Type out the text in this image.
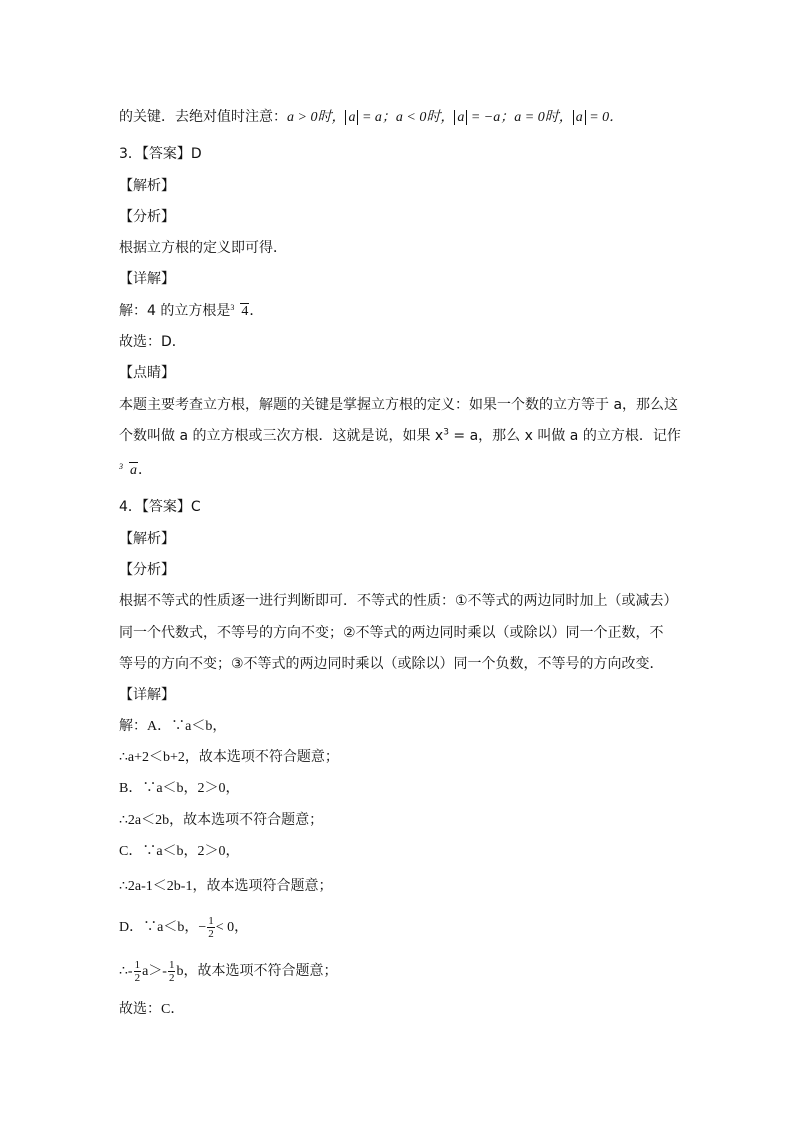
的关键．去绝对值时注意：a > 0时， a = a；a < 0时， a = −a；a = 0时， a = 0．
3．【答案】D
【解析】
【分析】
根据立方根的定义即可得．
【详解】
解：4 的立方根是 3 4．
故选：D．
【点睛】
本题主要考查立方根，解题的关键是掌握立方根的定义：如果一个数的立方等于 a，那么这
个数叫做 a 的立方根或三次方根．这就是说，如果 $x^3 = a$，那么 x 叫做 a 的立方根．记作
3 a．
4．【答案】C
【解析】
【分析】
根据不等式的性质逐一进行判断即可．不等式的性质：①不等式的两边同时加上（或减去）
同一个代数式，不等号的方向不变；②不等式的两边同时乘以（或除以）同一个正数，不
等号的方向不变；③不等式的两边同时乘以（或除以）同一个负数，不等号的方向改变．
【详解】
解：A．∵a＜b，
∴a+2＜b+2，故本选项不符合题意；
B．∵a＜b，2＞0，
∴2a＜2b，故本选项不符合题意；
C．∵a＜b，2＞0，
∴2a-1＜2b-1，故本选项符合题意；
D．∵a＜b，− $\frac{1}{2} < 0$，
∴- $\frac{1}{2} a>- \frac{1}{2}$ b，故本选项不符合题意；
故选：C．
